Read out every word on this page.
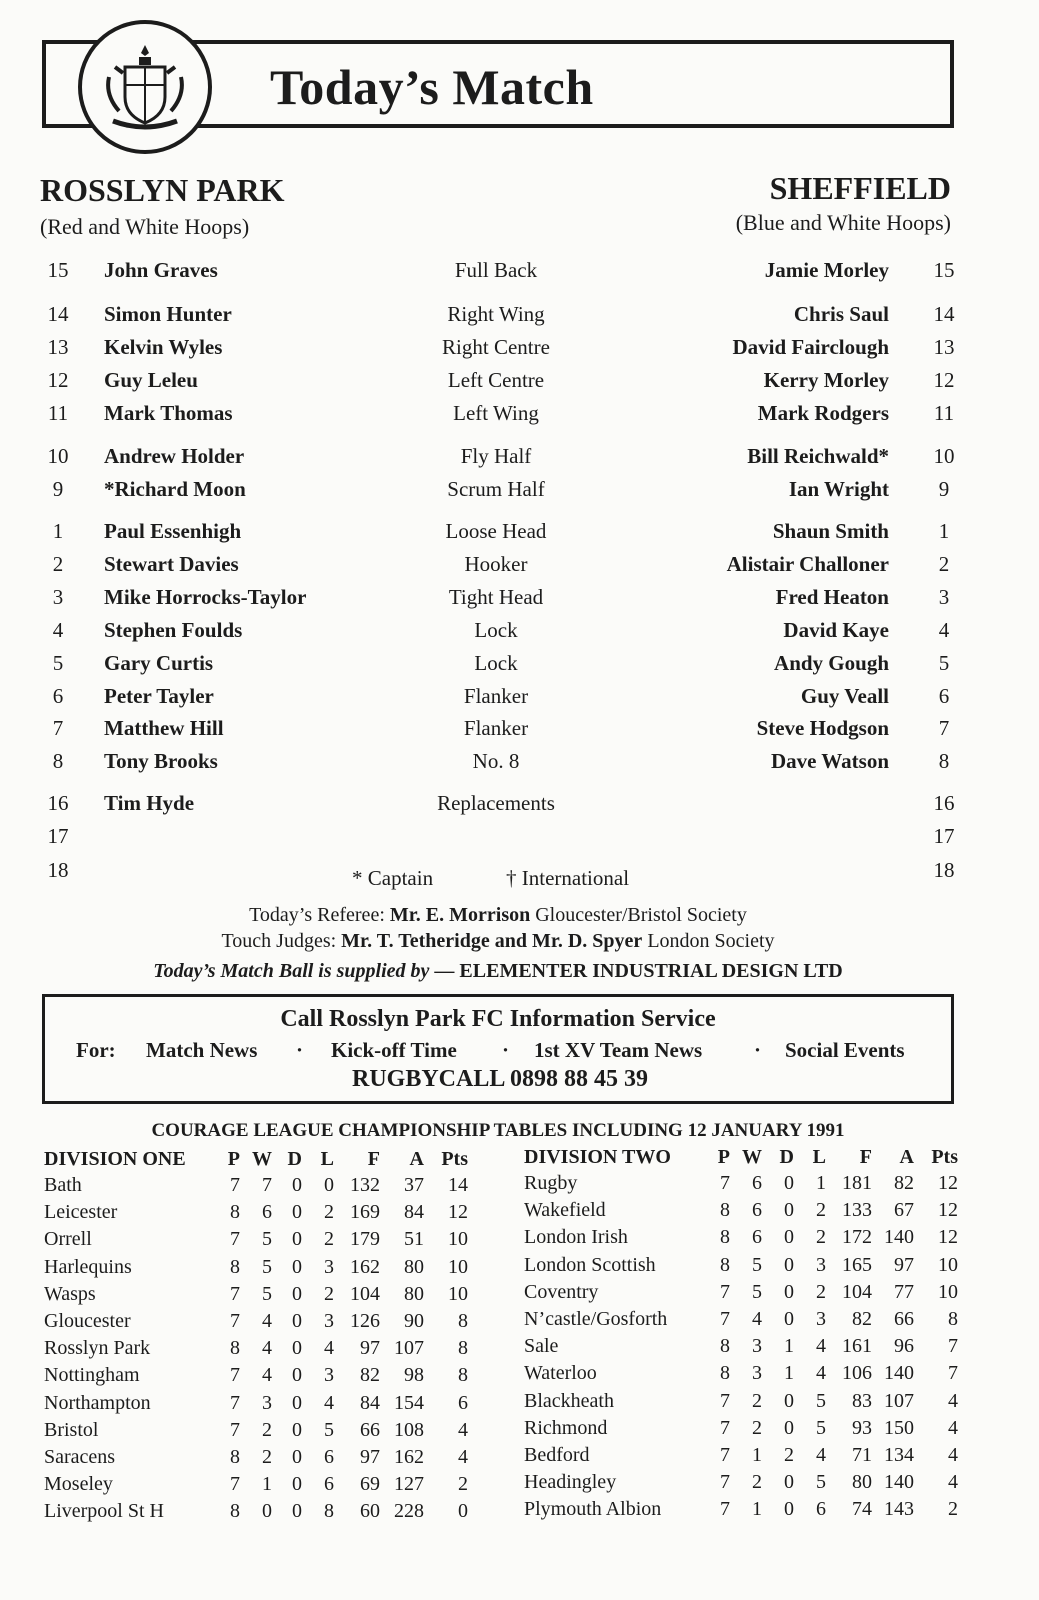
Today’s Match
ROSSLYN PARK
(Red and White Hoops)
SHEFFIELD
(Blue and White Hoops)
15	John Graves	Full Back	Jamie Morley 15
14	Simon Hunter	Right Wing	Chris Saul 14
13	Kelvin Wyles	Right Centre	David Fairclough 13
12	Guy Leleu	Left Centre	Kerry Morley 12
11	Mark Thomas	Left Wing	Mark Rodgers 11
10	Andrew Holder	Fly Half	Bill Reichwald* 10
9	*Richard Moon	Scrum Half	Ian Wright	9
1	Paul Essenhigh	Loose Head	Shaun Smith	1
2	Stewart Davies	Hooker	Alistair Challoner	2
3	Mike Horrocks-Taylor	Tight Head	Fred Heaton	3
4	Stephen Foulds	Lock	David Kaye	4
5	Gary Curtis	Lock	Andy Gough	5
6	Peter Tayler	Flanker	Guy Veall	6
7	Matthew Hill	Flanker	Steve Hodgson	7
8	Tony Brooks	No. 8	Dave Watson	8
16	Tim Hyde	Replacements	16
17	17
18	18
* Captain	† International
Today’s Referee: Mr. E. Morrison Gloucester/Bristol Society
Touch Judges: Mr. T. Tetheridge and Mr. D. Spyer London Society
Today’s Match Ball is supplied by — ELEMENTER INDUSTRIAL DESIGN LTD
Call Rosslyn Park FC Information Service
For: Match News · Kick-off Time · 1st XV Team News · Social Events
RUGBYCALL 0898 88 45 39
COURAGE LEAGUE CHAMPIONSHIP TABLES INCLUDING 12 JANUARY 1991
DIVISION ONE	P W D L	F	A Pts
Bath	7	7	0	0 132	37	14
Leicester	8	6	0	2 169	84	12
Orrell	7	5	0	2 179	51	10
Harlequins	8	5	0	3 162	80	10
Wasps	7	5	0	2 104	80	10
Gloucester	7	4	0	3 126	90	8
Rosslyn Park	8	4	0	4	97 107	8
Nottingham	7	4	0	3	82	98	8
Northampton	7	3	0	4	84 154	6
Bristol	7	2	0	5	66 108	4
Saracens	8	2	0	6	97 162	4
Moseley	7	1	0	6	69 127	2
Liverpool St H	8	0	0	8	60 228	0
DIVISION TWO	P W D L	F	A Pts
Rugby	7	6	0	1 181	82	12
Wakefield	8	6	0	2 133	67	12
London Irish	8	6	0	2 172 140	12
London Scottish	8	5	0	3 165	97	10
Coventry	7	5	0	2 104	77	10
N’castle/Gosforth	7	4	0	3	82	66	8
Sale	8	3	1	4 161	96	7
Waterloo	8	3	1	4 106 140	7
Blackheath	7	2	0	5	83 107	4
Richmond	7	2	0	5	93 150	4
Bedford	7	1	2	4	71 134	4
Headingley	7	2	0	5	80 140	4
Plymouth Albion	7	1	0	6	74 143	2
